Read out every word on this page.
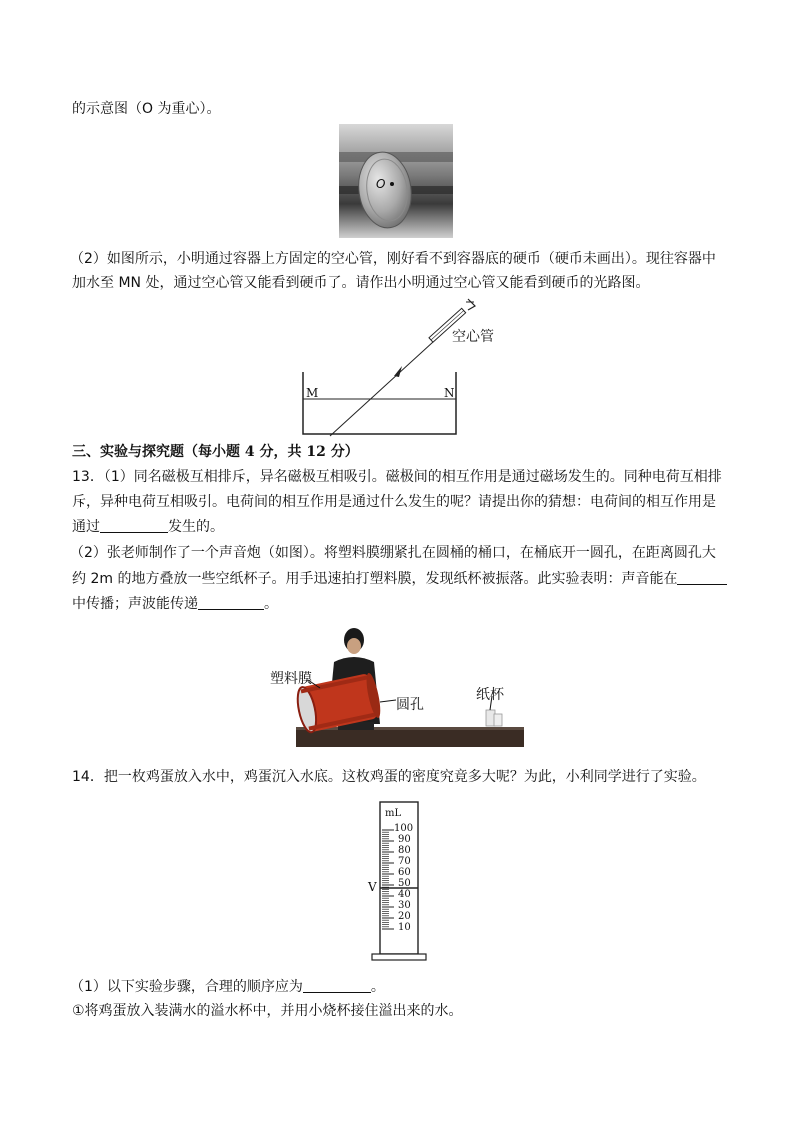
的示意图（O 为重心）。
O
（2）如图所示，小明通过容器上方固定的空心管，刚好看不到容器底的硬币（硬币未画出）。现往容器中
加水至 MN 处，通过空心管又能看到硬币了。请作出小明通过空心管又能看到硬币的光路图。
空心管
M	N
三、实验与探究题（每小题 4 分，共 12 分）
13．（1）同名磁极互相排斥，异名磁极互相吸引。磁极间的相互作用是通过磁场发生的。同种电荷互相排
斥，异种电荷互相吸引。电荷间的相互作用是通过什么发生的呢？请提出你的猜想：电荷间的相互作用是
通过	发生的。
（2）张老师制作了一个声音炮（如图）。将塑料膜绷紧扎在圆桶的桶口，在桶底开一圆孔，在距离圆孔大
约 2m 的地方叠放一些空纸杯子。用手迅速拍打塑料膜，发现纸杯被振落。此实验表明：声音能在
中传播；声波能传递	。
塑料膜
圆孔
纸杯
14．把一枚鸡蛋放入水中，鸡蛋沉入水底。这枚鸡蛋的密度究竟多大呢？为此，小利同学进行了实验。
mL
V
100
90
80
70
60
50
40
30
20
10
（1）以下实验步骤，合理的顺序应为	。
①将鸡蛋放入装满水的溢水杯中，并用小烧杯接住溢出来的水。
